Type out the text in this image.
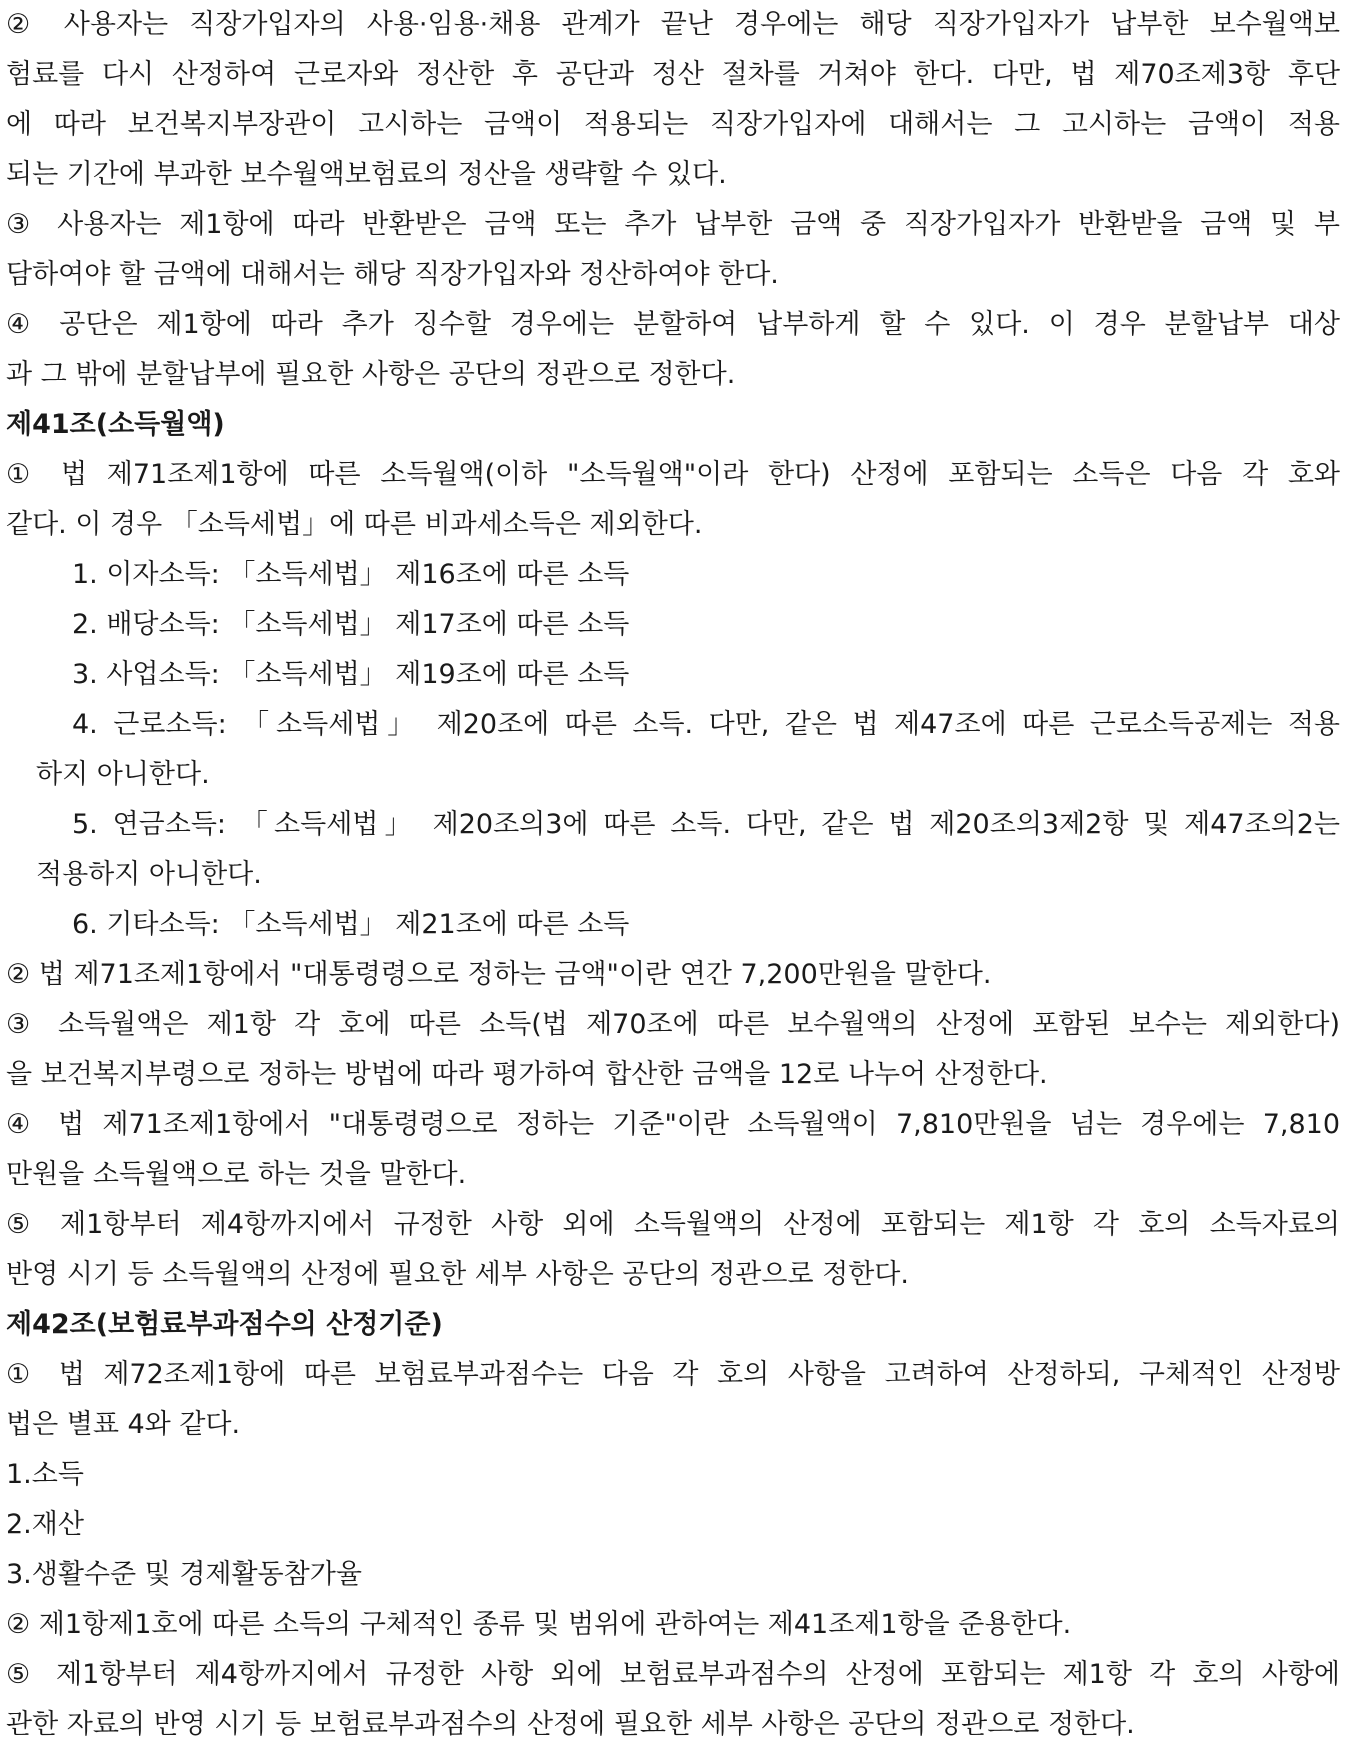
② 사용자는 직장가입자의 사용·임용·채용 관계가 끝난 경우에는 해당 직장가입자가 납부한 보수월액보
험료를 다시 산정하여 근로자와 정산한 후 공단과 정산 절차를 거쳐야 한다. 다만, 법 제70조제3항 후단
에 따라 보건복지부장관이 고시하는 금액이 적용되는 직장가입자에 대해서는 그 고시하는 금액이 적용
되는 기간에 부과한 보수월액보험료의 정산을 생략할 수 있다.
③ 사용자는 제1항에 따라 반환받은 금액 또는 추가 납부한 금액 중 직장가입자가 반환받을 금액 및 부
담하여야 할 금액에 대해서는 해당 직장가입자와 정산하여야 한다.
④ 공단은 제1항에 따라 추가 징수할 경우에는 분할하여 납부하게 할 수 있다. 이 경우 분할납부 대상
과 그 밖에 분할납부에 필요한 사항은 공단의 정관으로 정한다.
제41조(소득월액)
① 법 제71조제1항에 따른 소득월액(이하 "소득월액"이라 한다) 산정에 포함되는 소득은 다음 각 호와
같다. 이 경우 「소득세법」에 따른 비과세소득은 제외한다.
1. 이자소득: 「소득세법」 제16조에 따른 소득
2. 배당소득: 「소득세법」 제17조에 따른 소득
3. 사업소득: 「소득세법」 제19조에 따른 소득
4. 근로소득: 「소득세법」 제20조에 따른 소득. 다만, 같은 법 제47조에 따른 근로소득공제는 적용
하지 아니한다.
5. 연금소득: 「소득세법」 제20조의3에 따른 소득. 다만, 같은 법 제20조의3제2항 및 제47조의2는
적용하지 아니한다.
6. 기타소득: 「소득세법」 제21조에 따른 소득
② 법 제71조제1항에서 "대통령령으로 정하는 금액"이란 연간 7,200만원을 말한다.
③ 소득월액은 제1항 각 호에 따른 소득(법 제70조에 따른 보수월액의 산정에 포함된 보수는 제외한다)
을 보건복지부령으로 정하는 방법에 따라 평가하여 합산한 금액을 12로 나누어 산정한다.
④ 법 제71조제1항에서 "대통령령으로 정하는 기준"이란 소득월액이 7,810만원을 넘는 경우에는 7,810
만원을 소득월액으로 하는 것을 말한다.
⑤ 제1항부터 제4항까지에서 규정한 사항 외에 소득월액의 산정에 포함되는 제1항 각 호의 소득자료의
반영 시기 등 소득월액의 산정에 필요한 세부 사항은 공단의 정관으로 정한다.
제42조(보험료부과점수의 산정기준)
① 법 제72조제1항에 따른 보험료부과점수는 다음 각 호의 사항을 고려하여 산정하되, 구체적인 산정방
법은 별표 4와 같다.
1.소득
2.재산
3.생활수준 및 경제활동참가율
② 제1항제1호에 따른 소득의 구체적인 종류 및 범위에 관하여는 제41조제1항을 준용한다.
⑤ 제1항부터 제4항까지에서 규정한 사항 외에 보험료부과점수의 산정에 포함되는 제1항 각 호의 사항에
관한 자료의 반영 시기 등 보험료부과점수의 산정에 필요한 세부 사항은 공단의 정관으로 정한다.
